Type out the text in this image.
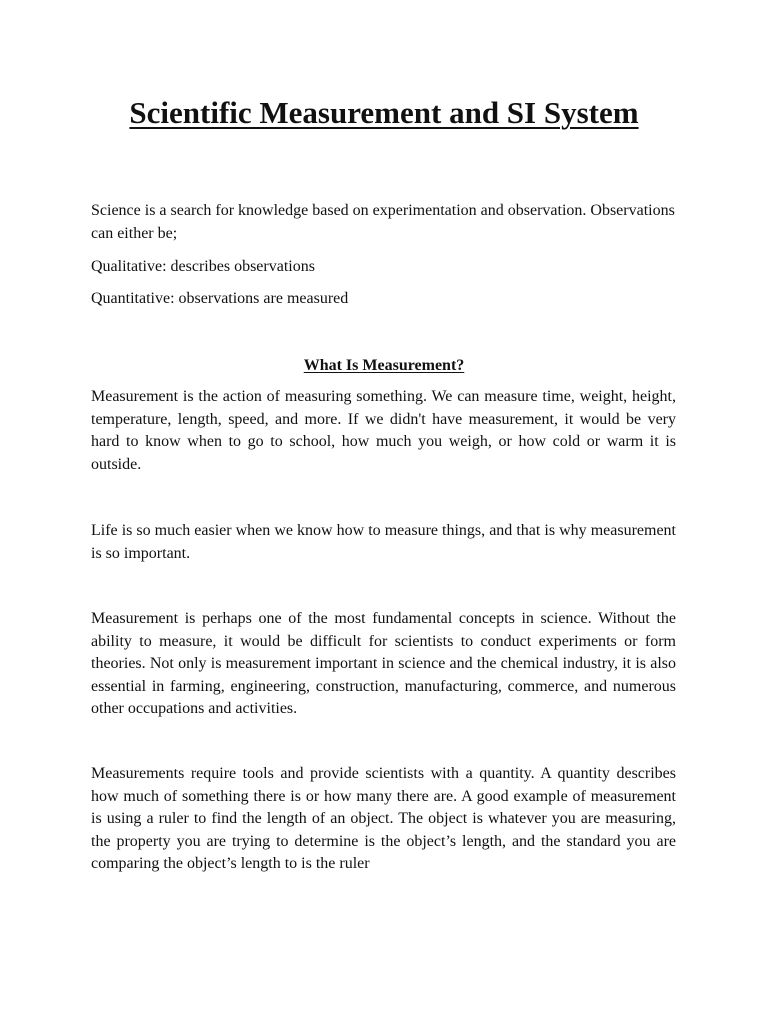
Scientific Measurement and SI System

Science is a search for knowledge based on experimentation and observation. Observations can either be;

Qualitative: describes observations

Quantitative: observations are measured

What Is Measurement?

Measurement is the action of measuring something. We can measure time, weight, height, temperature, length, speed, and more. If we didn't have measurement, it would be very hard to know when to go to school, how much you weigh, or how cold or warm it is outside.

Life is so much easier when we know how to measure things, and that is why measurement is so important.

Measurement is perhaps one of the most fundamental concepts in science. Without the ability to measure, it would be difficult for scientists to conduct experiments or form theories. Not only is measurement important in science and the chemical industry, it is also essential in farming, engineering, construction, manufacturing, commerce, and numerous other occupations and activities.

Measurements require tools and provide scientists with a quantity. A quantity describes how much of something there is or how many there are. A good example of measurement is using a ruler to find the length of an object. The object is whatever you are measuring, the property you are trying to determine is the object’s length, and the standard you are comparing the object’s length to is the ruler
